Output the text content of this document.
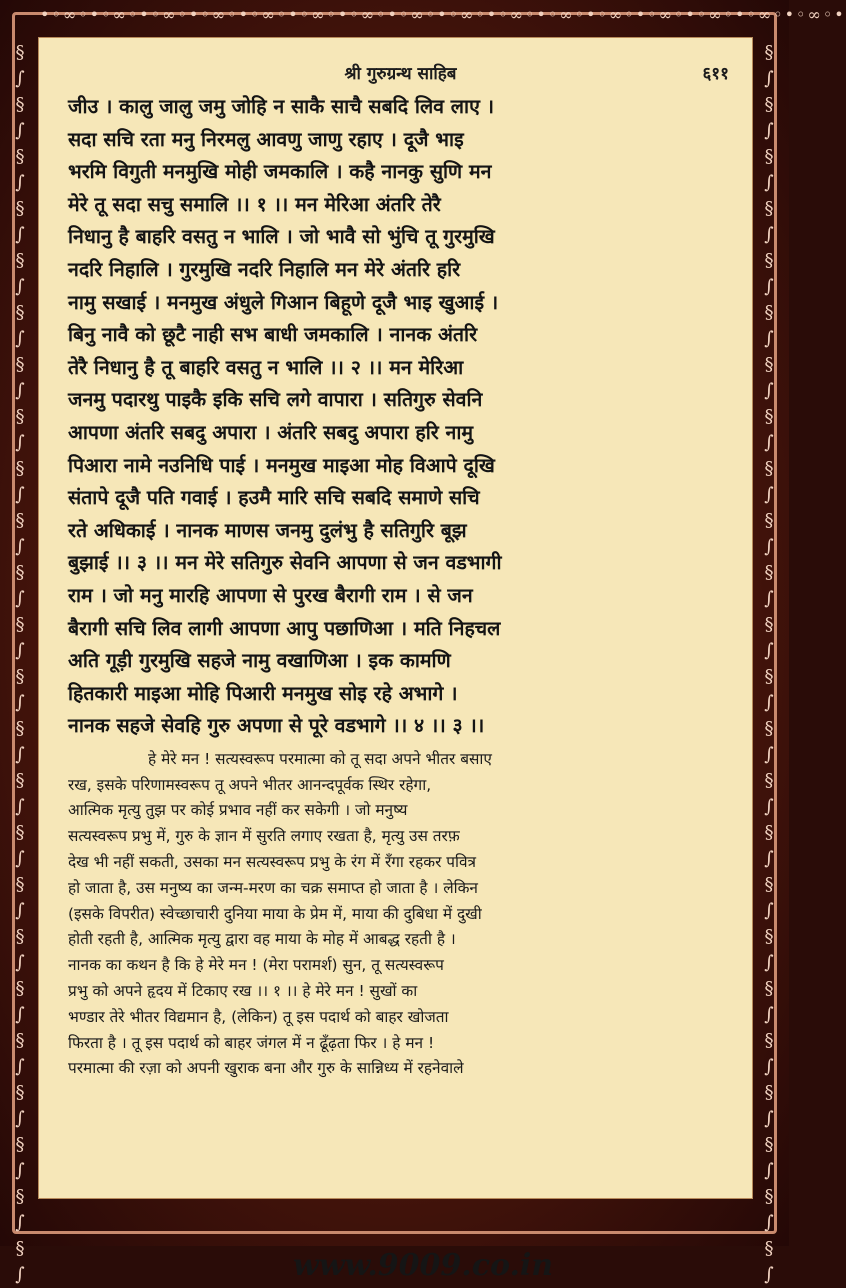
•◦∞◦•◦∞◦•◦∞◦•◦∞◦•◦∞◦•◦∞◦•◦∞◦•◦∞◦•◦∞◦•◦∞◦•◦∞◦•◦∞◦•◦∞◦•◦∞◦•◦∞◦•◦∞◦•
§
∫
§
∫
§
∫
§
∫
§
∫
§
∫
§
∫
§
∫
§
∫
§
∫
§
∫
§
∫
§
∫
§
∫
§
∫
§
∫
§
∫
§
∫
§
∫
§
∫
§
∫
§
∫
§
∫
§
∫
§
∫
§
∫
§
∫
§
∫
§
∫
§
∫
§
∫
§
∫
§
∫
§
∫
§
∫
§
∫
§
∫
§
∫
§
∫
§
∫
§
∫
§
∫
§
∫
§
∫
§
∫
§
∫
§
∫
§
∫
श्री गुरुग्रन्थ साहिब	६११
जीउ । कालु जालु जमु जोहि न साकै साचै सबदि लिव लाए ।
सदा सचि रता मनु निरमलु आवणु जाणु रहाए । दूजै भाइ
भरमि विगुती मनमुखि मोही जमकालि । कहै नानकु सुणि मन
मेरे तू सदा सचु समालि ।। १ ।। मन मेरिआ अंतरि तेरै
निधानु है बाहरि वसतु न भालि । जो भावै सो भुंचि तू गुरमुखि
नदरि निहालि । गुरमुखि नदरि निहालि मन मेरे अंतरि हरि
नामु सखाई । मनमुख अंधुले गिआन बिहूणे दूजै भाइ खुआई ।
बिनु नावै को छूटै नाही सभ बाधी जमकालि । नानक अंतरि
तेरै निधानु है तू बाहरि वसतु न भालि ।। २ ।। मन मेरिआ
जनमु पदारथु पाइकै इकि सचि लगे वापारा । सतिगुरु सेवनि
आपणा अंतरि सबदु अपारा । अंतरि सबदु अपारा हरि नामु
पिआरा नामे नउनिधि पाई । मनमुख माइआ मोह विआपे दूखि
संतापे दूजै पति गवाई । हउमै मारि सचि सबदि समाणे सचि
रते अधिकाई । नानक माणस जनमु दुलंभु है सतिगुरि बूझ
बुझाई ।। ३ ।। मन मेरे सतिगुरु सेवनि आपणा से जन वडभागी
राम । जो मनु मारहि आपणा से पुरख बैरागी राम । से जन
बैरागी सचि लिव लागी आपणा आपु पछाणिआ । मति निहचल
अति गूड़ी गुरमुखि सहजे नामु वखाणिआ । इक कामणि
हितकारी माइआ मोहि पिआरी मनमुख सोइ रहे अभागे ।
नानक सहजे सेवहि गुरु अपणा से पूरे वडभागे ।। ४ ।। ३ ।।
हे मेरे मन ! सत्यस्वरूप परमात्मा को तू सदा अपने भीतर बसाए
रख, इसके परिणामस्वरूप तू अपने भीतर आनन्दपूर्वक स्थिर रहेगा,
आत्मिक मृत्यु तुझ पर कोई प्रभाव नहीं कर सकेगी । जो मनुष्य
सत्यस्वरूप प्रभु में, गुरु के ज्ञान में सुरति लगाए रखता है, मृत्यु उस तरफ़
देख भी नहीं सकती, उसका मन सत्यस्वरूप प्रभु के रंग में रँगा रहकर पवित्र
हो जाता है, उस मनुष्य का जन्म-मरण का चक्र समाप्त हो जाता है । लेकिन
(इसके विपरीत) स्वेच्छाचारी दुनिया माया के प्रेम में, माया की दुबिधा में दुखी
होती रहती है, आत्मिक मृत्यु द्वारा वह माया के मोह में आबद्ध रहती है ।
नानक का कथन है कि हे मेरे मन ! (मेरा परामर्श) सुन, तू सत्यस्वरूप
प्रभु को अपने हृदय में टिकाए रख ।। १ ।। हे मेरे मन ! सुखों का
भण्डार तेरे भीतर विद्यमान है, (लेकिन) तू इस पदार्थ को बाहर खोजता
फिरता है । तू इस पदार्थ को बाहर जंगल में न ढूँढ़ता फिर । हे मन !
परमात्मा की रज़ा को अपनी खुराक बना और गुरु के सान्निध्य में रहनेवाले
www.9009.co.in
